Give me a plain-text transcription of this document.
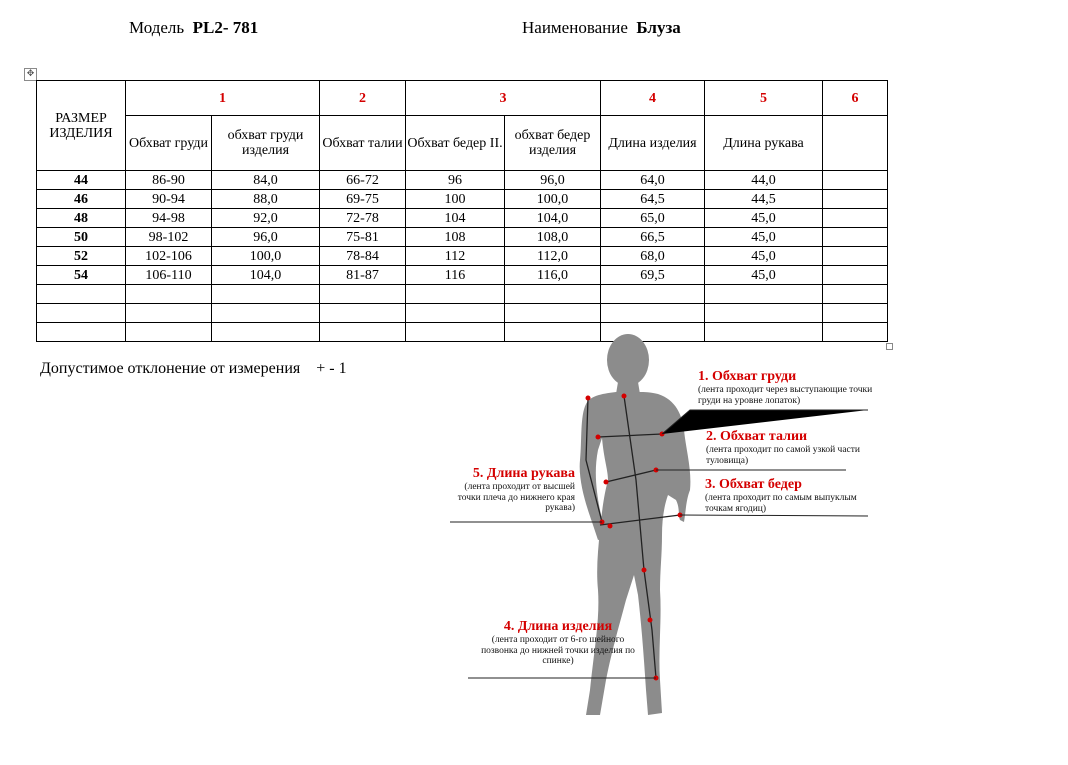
Модель PL2- 781	Наименование Блуза
✥
РАЗМЕР ИЗДЕЛИЯ	1		2	3		4	5	6
	Обхват груди	обхват груди изделия	Обхват талии	Обхват бедер II.	обхват бедер изделия	Длина изделия	Длина рукава	
44	86-90	84,0	66-72	96	96,0	64,0	44,0	
46	90-94	88,0	69-75	100	100,0	64,5	44,5	
48	94-98	92,0	72-78	104	104,0	65,0	45,0	
50	98-102	96,0	75-81	108	108,0	66,5	45,0	
52	102-106	100,0	78-84	112	112,0	68,0	45,0	
54	106-110	104,0	81-87	116	116,0	69,5	45,0	

Допустимое отклонение от измерения + - 1	1. Обхват груди
(лента проходит через выступающие точки груди на уровне лопаток)
2. Обхват талии
(лента проходит по самой узкой части туловища)
3. Обхват бедер
(лента проходит по самым выпуклым точкам ягодиц)
4. Длина изделия
(лента проходит от 6-го шейного позвонка до нижней точки изделия по спинке)
5. Длина рукава
(лента проходит от высшей точки плеча до нижнего края рукава)
